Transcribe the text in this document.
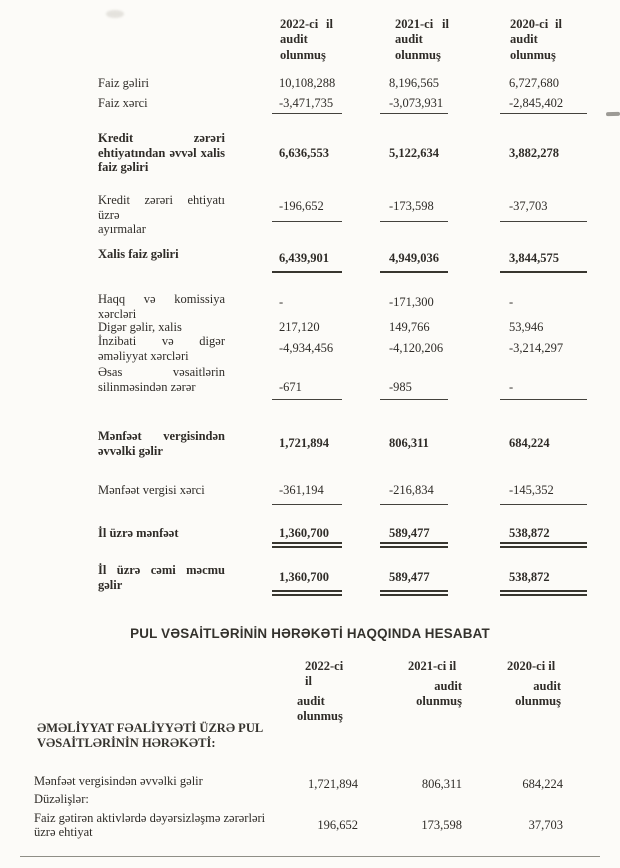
2022-ci il
audit
olunmuş
2021-ci il
audit
olunmuş
2020-ci il
audit
olunmuş
Faiz gəliri	10,108,288	8,196,565	6,727,680
Faiz xərci	-3,471,735	-3,073,931	-2,845,402
Kredit zərəri
ehtiyatından əvvəl xalis
faiz gəliri
6,636,553	5,122,634	3,882,278
Kredit zərəri ehtiyatı üzrə
ayırmalar
-196,652	-173,598	-37,703
Xalis faiz gəliri	6,439,901	4,949,036	3,844,575
Haqq və komissiya
xərcləri
-	-171,300	-
Digər gəlir, xalis	217,120	149,766	53,946
İnzibati və digər
əməliyyat xərcləri
-4,934,456	-4,120,206	-3,214,297
Əsas vəsaitlərin
silinməsindən zərər	-671	-985	-
Mənfəət vergisindən
əvvəlki gəlir
1,721,894	806,311	684,224
Mənfəət vergisi xərci	-361,194	-216,834	-145,352
İl üzrə mənfəət	1,360,700	589,477	538,872
İl üzrə cəmi məcmu
gəlir
1,360,700	589,477	538,872
PUL VƏSAİTLƏRİNİN HƏRƏKƏTİ HAQQINDA HESABAT
2022-ci il
audit
olunmuş
2021-ci il
audit
olunmuş
2020-ci il
audit
olunmuş
ƏMƏLİYYAT FƏALİYYƏTİ ÜZRƏ PUL
VƏSAİTLƏRİNİN HƏRƏKƏTİ:
Mənfəət vergisindən əvvəlki gəlir	1,721,894	806,311	684,224
Düzəlişlər:
Faiz gətirən aktivlərdə dəyərsizləşmə zərərləri
üzrə ehtiyat
196,652	173,598	37,703
